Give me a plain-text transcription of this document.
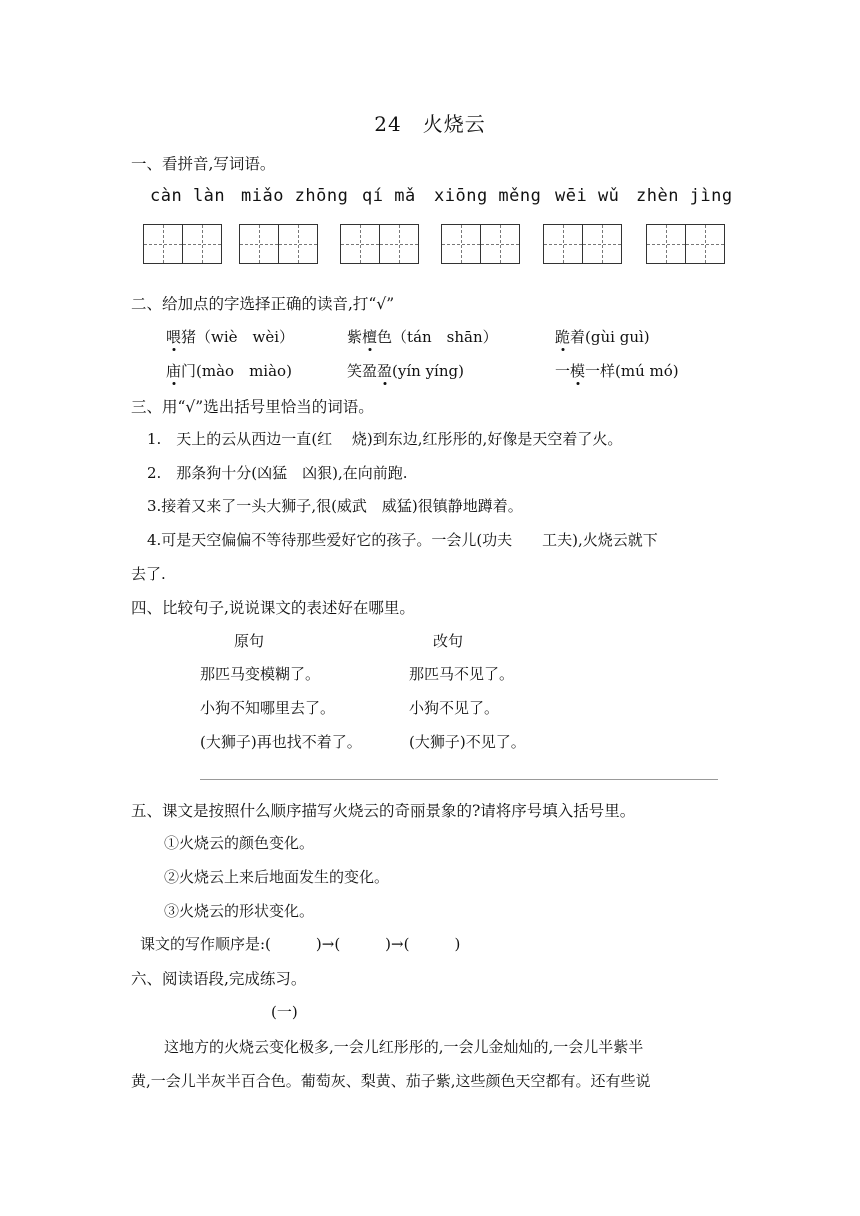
24　火烧云
一、看拼音,写词语。
càn làn miǎo zhōng qí mǎ xiōng měng wēi wǔ zhèn jìng
二、给加点的字选择正确的读音,打“√”
喂猪（wiè　wèi）	紫檀色（tán　shān）	跪着(gùi guì)
庙门(mào　miào)	笑盈盈(yín yíng)	一模一样(mú mó)
三、用“√”选出括号里恰当的词语。
1.　天上的云从西边一直(红　 烧)到东边,红彤彤的,好像是天空着了火。
2.　那条狗十分(凶猛　凶狠),在向前跑.
3.接着又来了一头大狮子,很(威武　威猛)很镇静地蹲着。
4.可是天空偏偏不等待那些爱好它的孩子。一会儿(功夫　　工夫),火烧云就下
去了.
四、比较句子,说说课文的表述好在哪里。
原句	改句
那匹马变模糊了。	那匹马不见了。
小狗不知哪里去了。	小狗不见了。
(大狮子)再也找不着了。	(大狮子)不见了。
五、课文是按照什么顺序描写火烧云的奇丽景象的?请将序号填入括号里。
①火烧云的颜色变化。
②火烧云上来后地面发生的变化。
③火烧云的形状变化。
课文的写作顺序是:(　　　)→(　　　)→(　　　)
六、阅读语段,完成练习。
(一)
这地方的火烧云变化极多,一会儿红彤彤的,一会儿金灿灿的,一会儿半紫半
黄,一会儿半灰半百合色。葡萄灰、梨黄、茄子紫,这些颜色天空都有。还有些说
